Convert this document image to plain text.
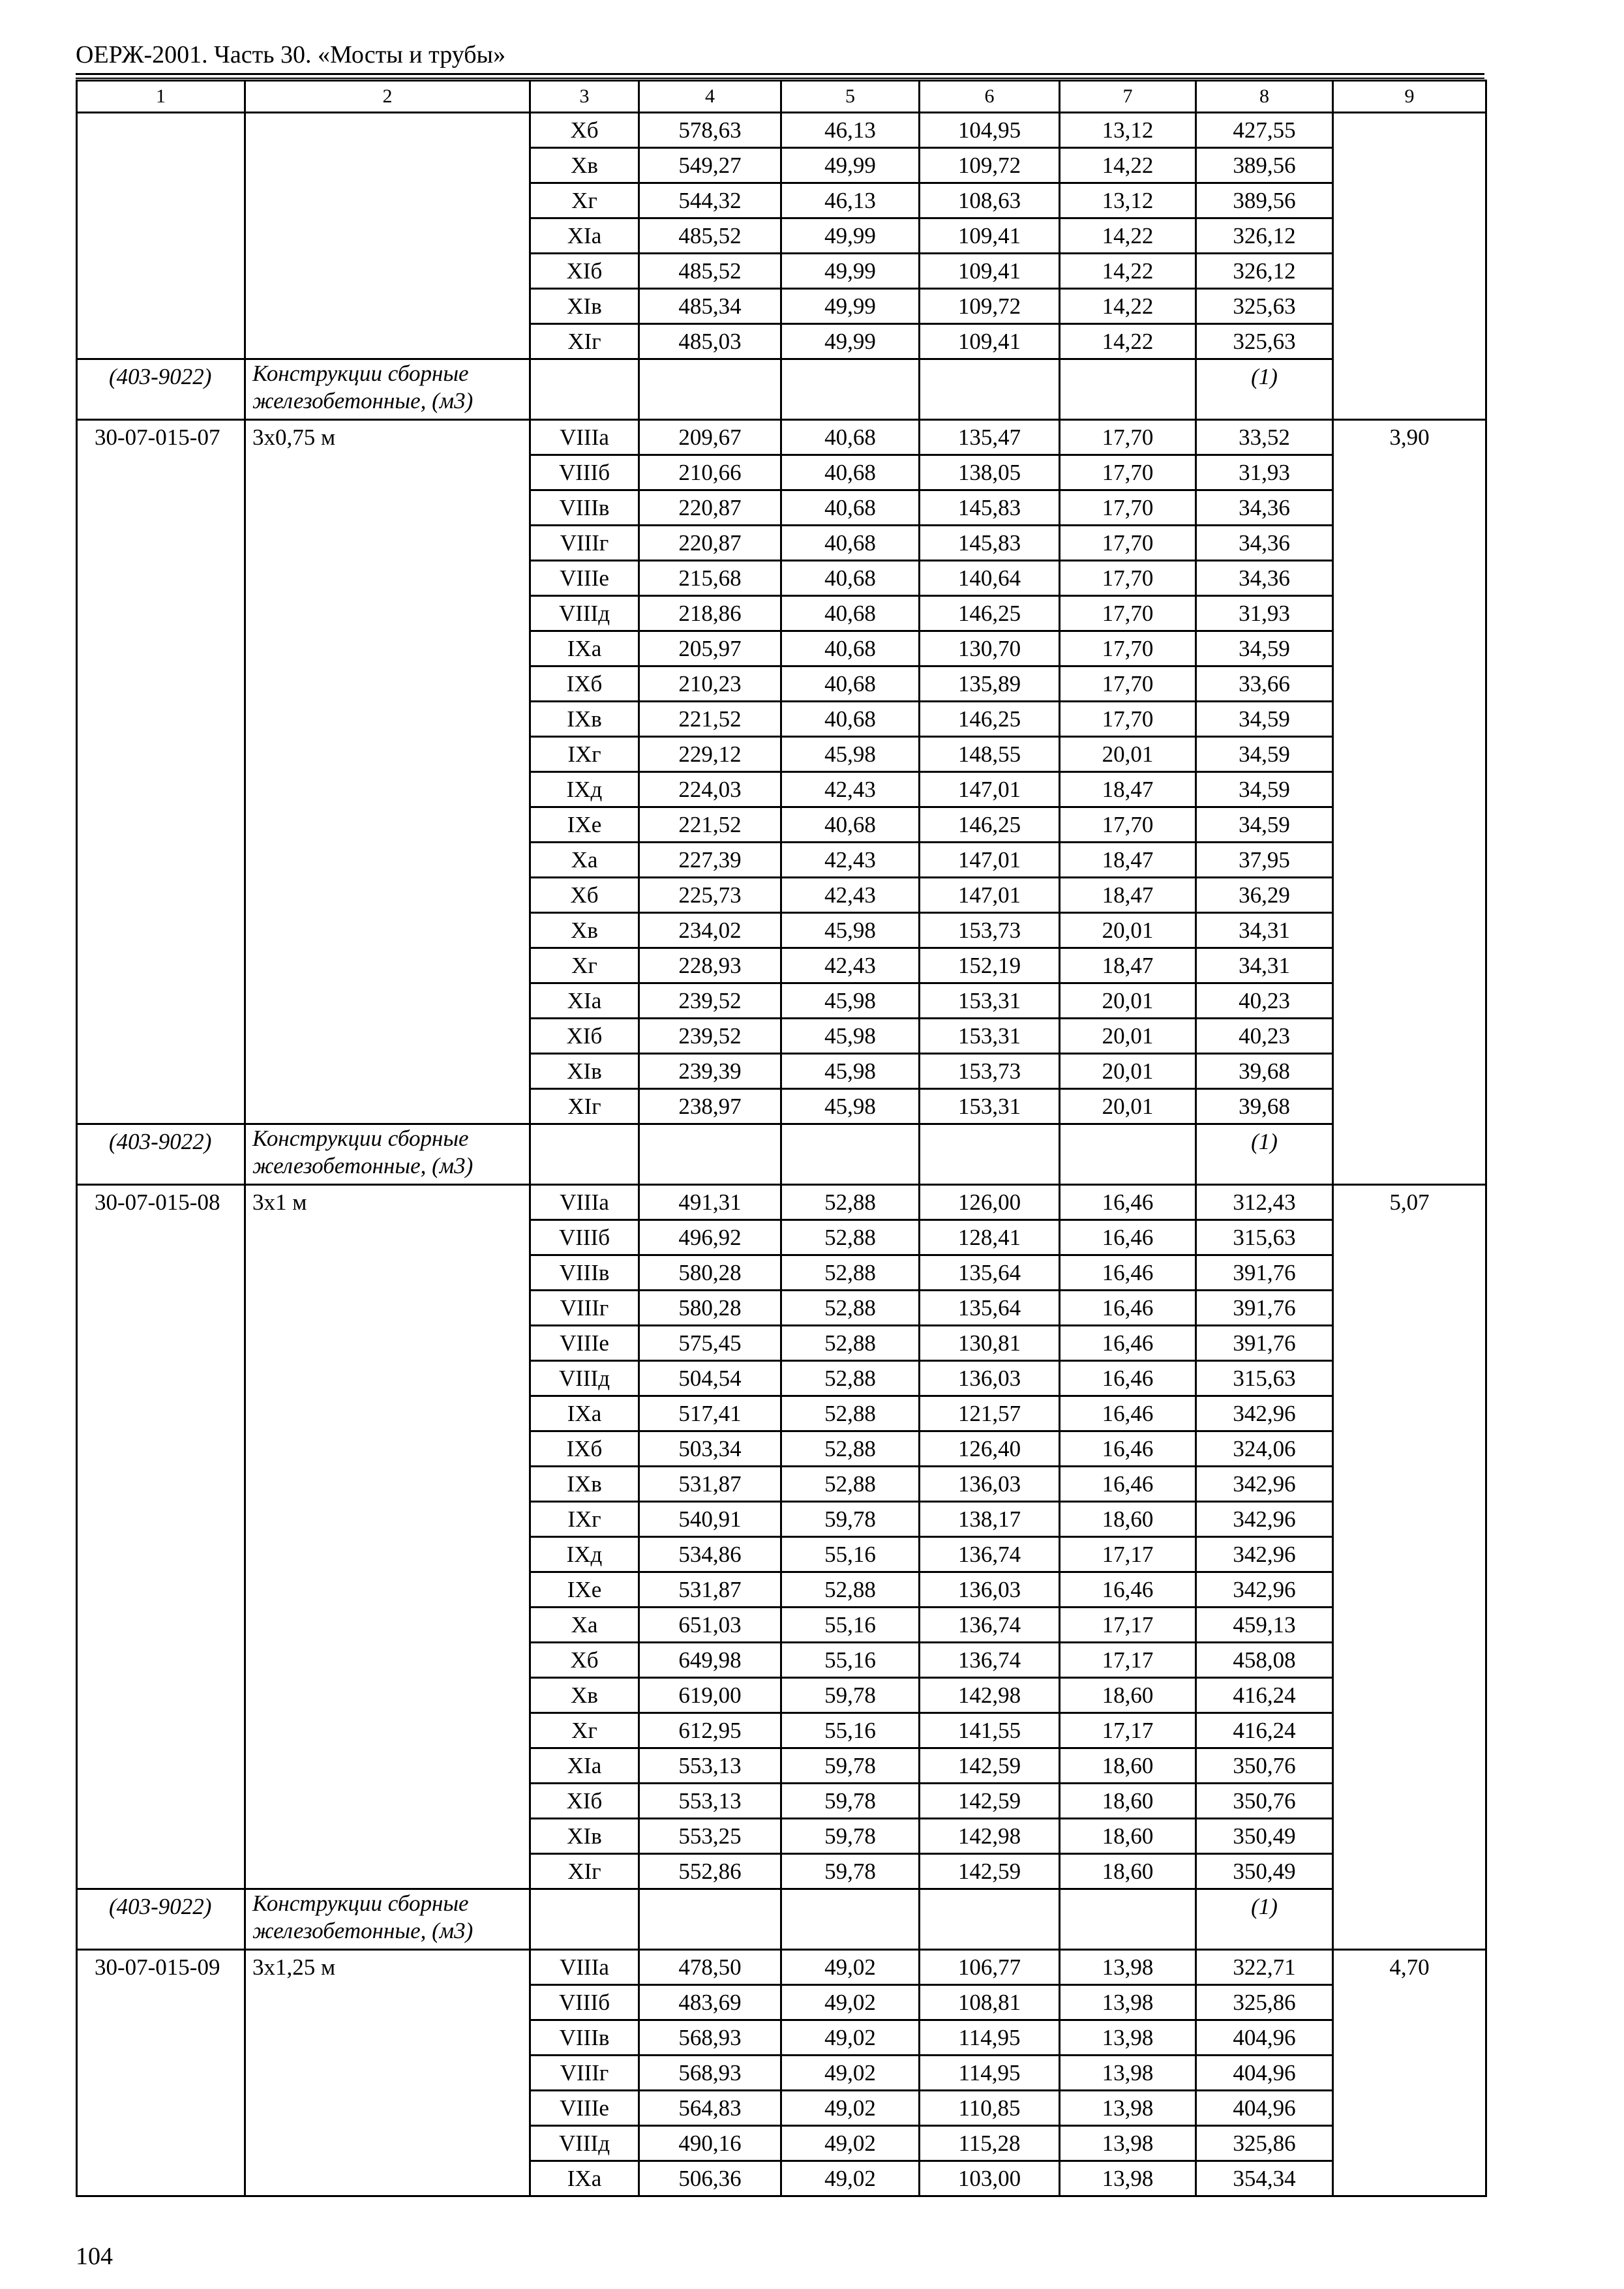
ОЕРЖ-2001. Часть 30. «Мосты и трубы»
1	2	3	4	5	6	7	8	9
		Xб	578,63	46,13	104,95	13,12	427,55	
		Xв	549,27	49,99	109,72	14,22	389,56	
		Xг	544,32	46,13	108,63	13,12	389,56	
		XIа	485,52	49,99	109,41	14,22	326,12	
		XIб	485,52	49,99	109,41	14,22	326,12	
		XIв	485,34	49,99	109,72	14,22	325,63	
		XIг	485,03	49,99	109,41	14,22	325,63	
(403-9022)	Конструкции сборные железобетонные, (м3)						(1)	
30-07-015-07	3х0,75 м	VIIIа	209,67	40,68	135,47	17,70	33,52	3,90
		VIIIб	210,66	40,68	138,05	17,70	31,93	
		VIIIв	220,87	40,68	145,83	17,70	34,36	
		VIIIг	220,87	40,68	145,83	17,70	34,36	
		VIIIе	215,68	40,68	140,64	17,70	34,36	
		VIIIд	218,86	40,68	146,25	17,70	31,93	
		IXа	205,97	40,68	130,70	17,70	34,59	
		IXб	210,23	40,68	135,89	17,70	33,66	
		IXв	221,52	40,68	146,25	17,70	34,59	
		IXг	229,12	45,98	148,55	20,01	34,59	
		IXд	224,03	42,43	147,01	18,47	34,59	
		IXе	221,52	40,68	146,25	17,70	34,59	
		Xа	227,39	42,43	147,01	18,47	37,95	
		Xб	225,73	42,43	147,01	18,47	36,29	
		Xв	234,02	45,98	153,73	20,01	34,31	
		Xг	228,93	42,43	152,19	18,47	34,31	
		XIа	239,52	45,98	153,31	20,01	40,23	
		XIб	239,52	45,98	153,31	20,01	40,23	
		XIв	239,39	45,98	153,73	20,01	39,68	
		XIг	238,97	45,98	153,31	20,01	39,68	
(403-9022)	Конструкции сборные железобетонные, (м3)						(1)	
30-07-015-08	3х1 м	VIIIа	491,31	52,88	126,00	16,46	312,43	5,07
		VIIIб	496,92	52,88	128,41	16,46	315,63	
		VIIIв	580,28	52,88	135,64	16,46	391,76	
		VIIIг	580,28	52,88	135,64	16,46	391,76	
		VIIIе	575,45	52,88	130,81	16,46	391,76	
		VIIIд	504,54	52,88	136,03	16,46	315,63	
		IXа	517,41	52,88	121,57	16,46	342,96	
		IXб	503,34	52,88	126,40	16,46	324,06	
		IXв	531,87	52,88	136,03	16,46	342,96	
		IXг	540,91	59,78	138,17	18,60	342,96	
		IXд	534,86	55,16	136,74	17,17	342,96	
		IXе	531,87	52,88	136,03	16,46	342,96	
		Xа	651,03	55,16	136,74	17,17	459,13	
		Xб	649,98	55,16	136,74	17,17	458,08	
		Xв	619,00	59,78	142,98	18,60	416,24	
		Xг	612,95	55,16	141,55	17,17	416,24	
		XIа	553,13	59,78	142,59	18,60	350,76	
		XIб	553,13	59,78	142,59	18,60	350,76	
		XIв	553,25	59,78	142,98	18,60	350,49	
		XIг	552,86	59,78	142,59	18,60	350,49	
(403-9022)	Конструкции сборные железобетонные, (м3)						(1)	
30-07-015-09	3х1,25 м	VIIIа	478,50	49,02	106,77	13,98	322,71	4,70
		VIIIб	483,69	49,02	108,81	13,98	325,86	
		VIIIв	568,93	49,02	114,95	13,98	404,96	
		VIIIг	568,93	49,02	114,95	13,98	404,96	
		VIIIе	564,83	49,02	110,85	13,98	404,96	
		VIIIд	490,16	49,02	115,28	13,98	325,86	
		IXа	506,36	49,02	103,00	13,98	354,34	
104
